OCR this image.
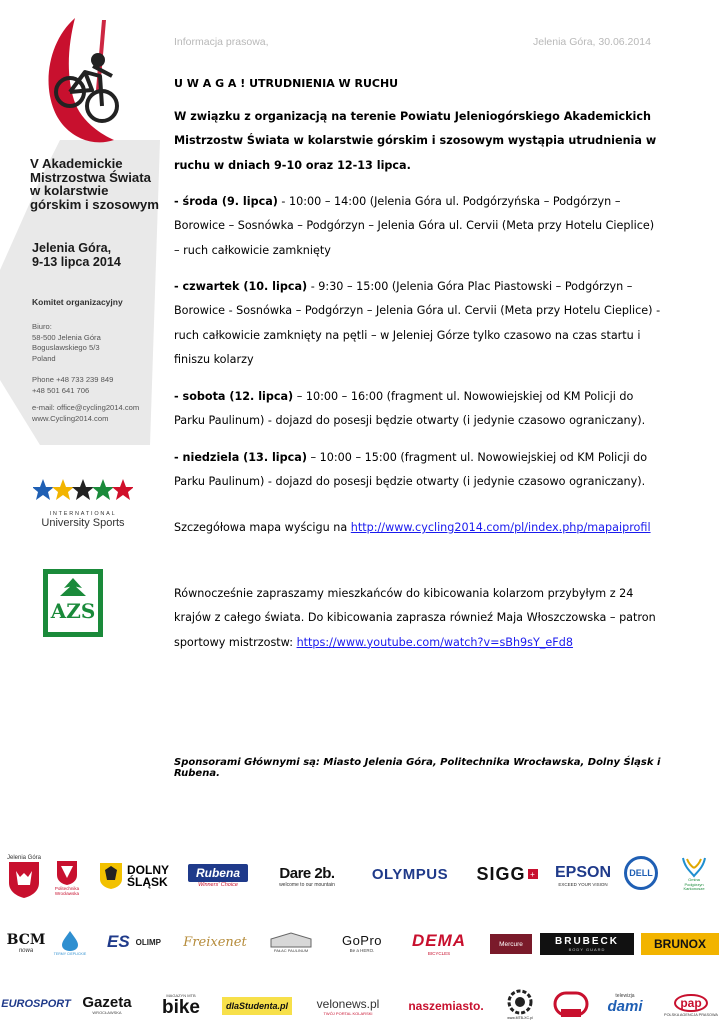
V Akademickie
Mistrzostwa Świata
w kolarstwie
górskim i szosowym
Jelenia Góra,
9-13 lipca 2014
Komitet organizacyjny
Biuro:
58-500 Jelenia Góra
Boguslawskiego 5/3
Poland
Phone +48 733 239 849
+48 501 641 706
e-mail: office@cycling2014.com
www.Cycling2014.com
INTERNATIONAL
University Sports
AZS
Informacja prasowa,	Jelenia Góra, 30.06.2014
U W A G A ! UTRUDNIENIA W RUCHU
W związku z organizacją na terenie Powiatu Jeleniogórskiego Akademickich Mistrzostw Świata w kolarstwie górskim i szosowym wystąpia utrudnienia w ruchu w dniach 9-10 oraz 12-13 lipca.
- środa (9. lipca) - 10:00 – 14:00 (Jelenia Góra ul. Podgórzyńska – Podgórzyn – Borowice – Sosnówka – Podgórzyn – Jelenia Góra ul. Cervii (Meta przy Hotelu Cieplice) – ruch całkowicie zamknięty
- czwartek (10. lipca) - 9:30 – 15:00 (Jelenia Góra Plac Piastowski – Podgórzyn – Borowice - Sosnówka – Podgórzyn – Jelenia Góra ul. Cervii (Meta przy Hotelu Cieplice) - ruch całkowicie zamknięty na pętli – w Jeleniej Górze tylko czasowo na czas startu i finiszu kolarzy
- sobota (12. lipca) – 10:00 – 16:00 (fragment ul. Nowowiejskiej od KM Policji do Parku Paulinum) - dojazd do posesji będzie otwarty (i jedynie czasowo ograniczany).
- niedziela (13. lipca) – 10:00 – 15:00 (fragment ul. Nowowiejskiej od KM Policji do Parku Paulinum) - dojazd do posesji będzie otwarty (i jedynie czasowo ograniczany).
Szczegółowa mapa wyścigu na http://www.cycling2014.com/pl/index.php/mapaiprofil
Równocześnie zapraszamy mieszkańców do kibicowania kolarzom przybyłym z 24 krajów z całego świata. Do kibicowania zaprasza równieź Maja Włoszczowska – patron sportowy mistrzostw: https://www.youtube.com/watch?v=sBh9sY_eFd8
Sponsorami Głównymi są: Miasto Jelenia Góra, Politechnika Wrocławska, Dolny Śląsk i Rubena.
Jelenia Góra
Politechnika
Wrocławska
DOLNY
ŚLĄSK
Rubena
Winners' Choice
Dare 2b.
welcome to our mountain
OLYMPUS SIGG + EPSON
EXCEED YOUR VISION
DELL
Gmina
Podgórzyn
Karkonosze
BCM
nowa	TERMY CIEPLICKIE
ES OLIMP Freixenet
PAŁAC PAULINUM
GoPro
Be a HERO.
DEMA
BICYCLES
Mercure	BRUBECK
BODY GUARD	BRUNOX
EUROSPORT Gazeta
WROCŁAWSKA
MAGAZYN MTB
bike	dlaStudenta.pl velonews.pl
TWÓJ PORTAL KOLARSKI	naszemiasto.
www.MTB-XC.pl
telewizja
dami	pap
POLSKA AGENCJA PRASOWA
